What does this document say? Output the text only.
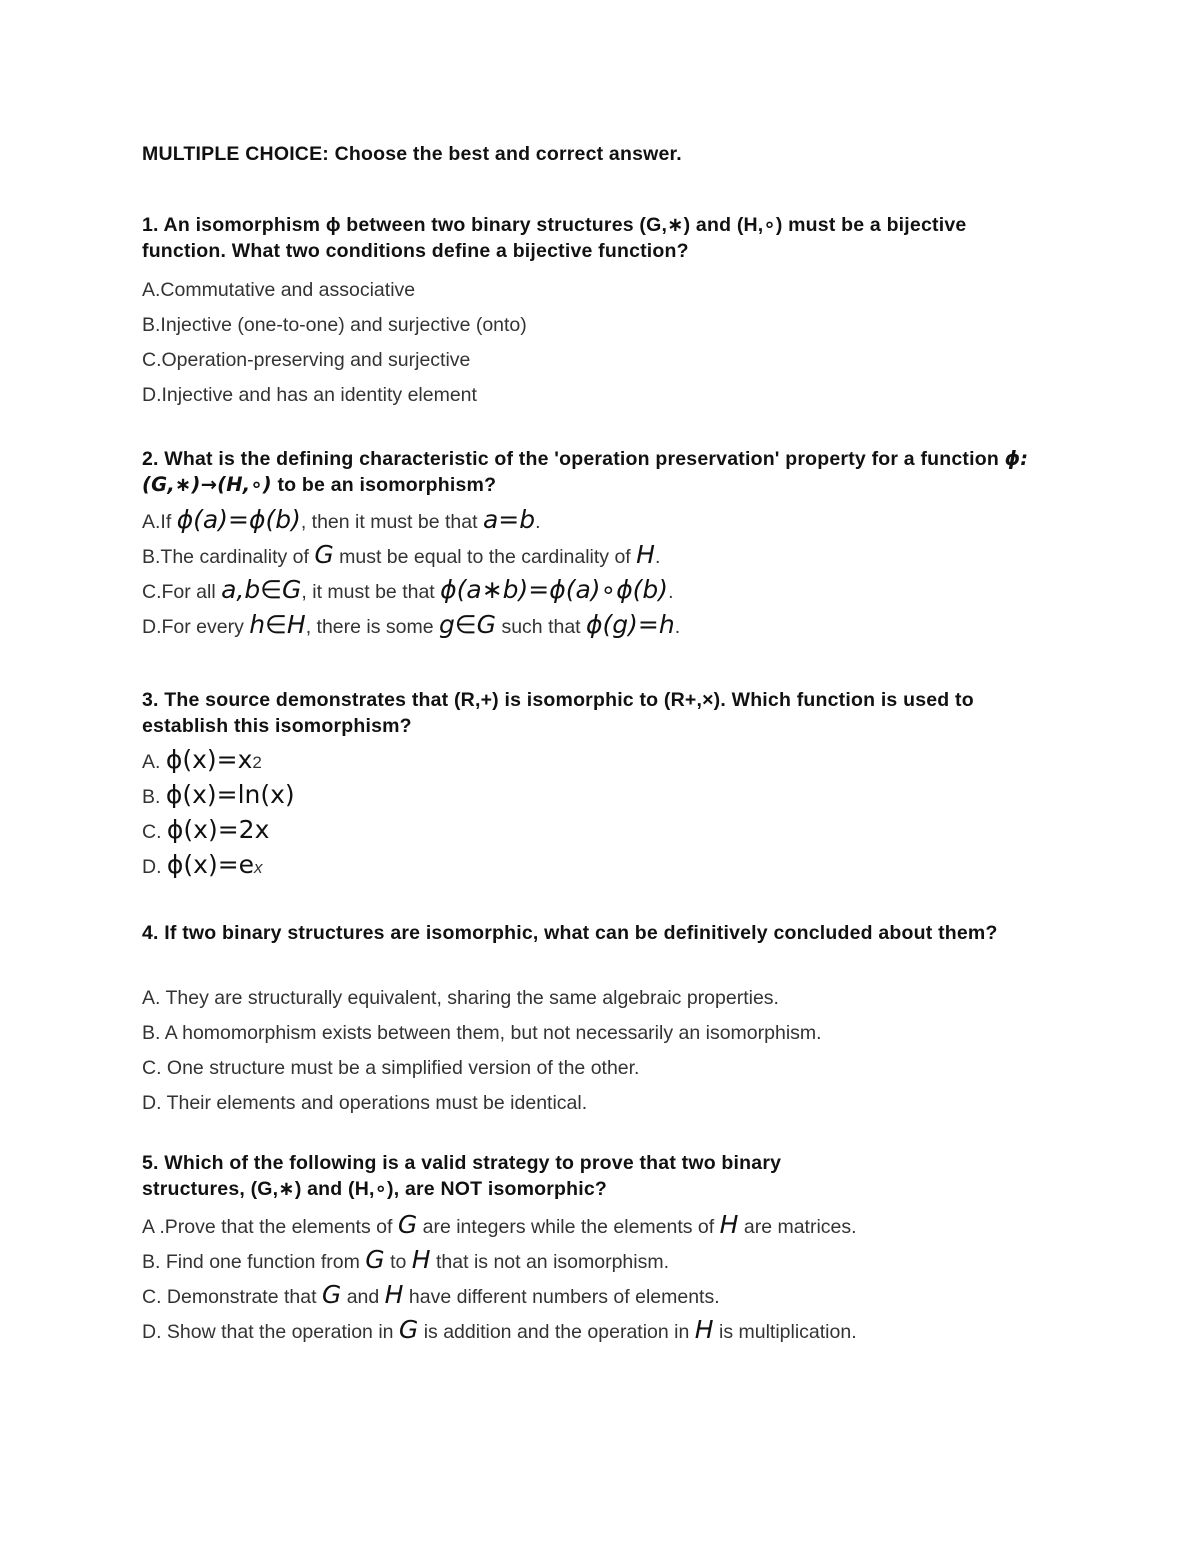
MULTIPLE CHOICE: Choose the best and correct answer.
1. An isomorphism ϕ between two binary structures (G,∗) and (H,∘) must be a bijective function. What two conditions define a bijective function?
A.Commutative and associative
B.Injective (one-to-one) and surjective (onto)
C.Operation-preserving and surjective
D.Injective and has an identity element
2. What is the defining characteristic of the 'operation preservation' property for a function ϕ:(G,∗)→(H,∘) to be an isomorphism?
A.If ϕ(a)=ϕ(b), then it must be that a=b.
B.The cardinality of G must be equal to the cardinality of H.
C.For all a,b∈G, it must be that ϕ(a∗b)=ϕ(a)∘ϕ(b).
D.For every h∈H, there is some g∈G such that ϕ(g)=h.
3. The source demonstrates that (R,+) is isomorphic to (R+,×). Which function is used to establish this isomorphism?
A. ϕ(x)=x2
B. ϕ(x)=ln(x)
C. ϕ(x)=2x
D. ϕ(x)=ex
4. If two binary structures are isomorphic, what can be definitively concluded about them?
A. They are structurally equivalent, sharing the same algebraic properties.
B. A homomorphism exists between them, but not necessarily an isomorphism.
C. One structure must be a simplified version of the other.
D. Their elements and operations must be identical.
5. Which of the following is a valid strategy to prove that two binary
structures, (G,∗) and (H,∘), are NOT isomorphic?
A .Prove that the elements of G are integers while the elements of H are matrices.
B. Find one function from G to H that is not an isomorphism.
C. Demonstrate that G and H have different numbers of elements.
D. Show that the operation in G is addition and the operation in H is multiplication.
